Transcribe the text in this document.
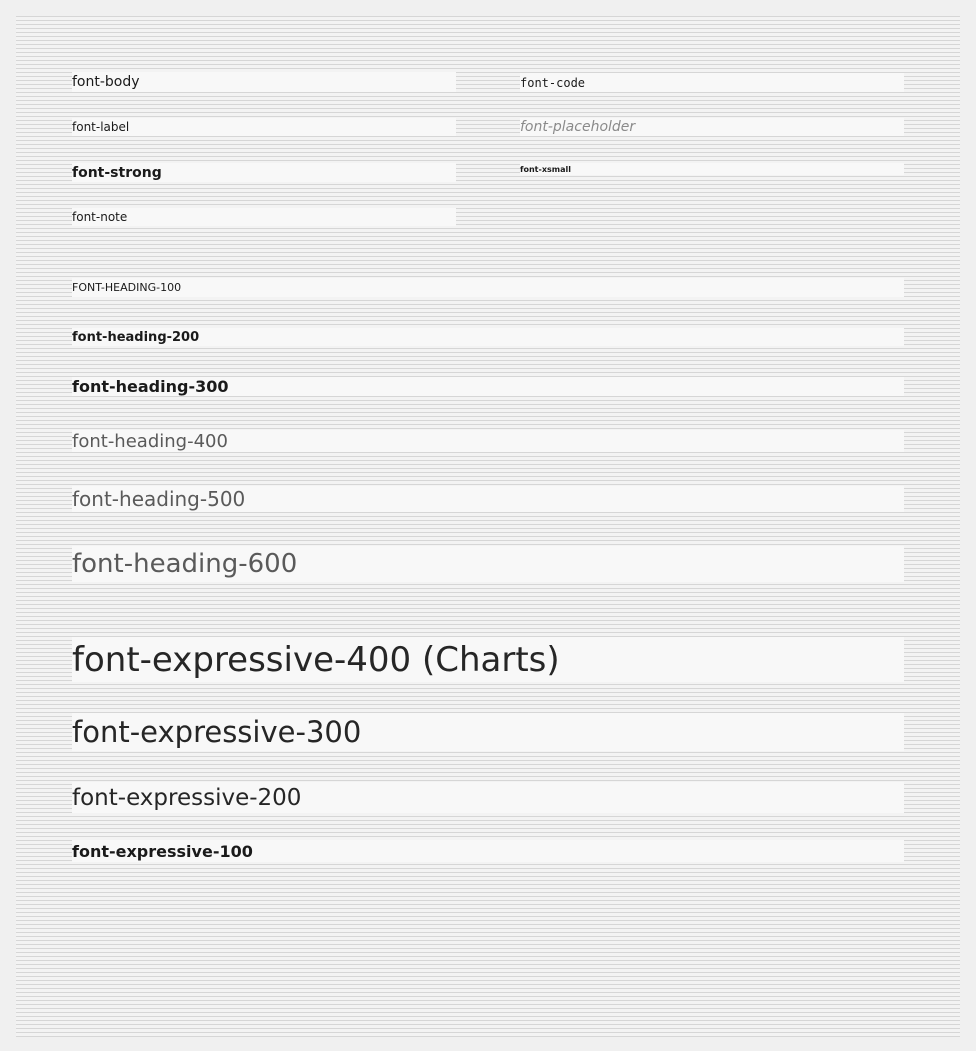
font-body

font-label

font-strong

font-note

font-code

font-placeholder

font-xsmall

FONT-HEADING-100

font-heading-200

font-heading-300

font-heading-400

font-heading-500

font-heading-600

font-expressive-400 (Charts)

font-expressive-300

font-expressive-200

font-expressive-100
